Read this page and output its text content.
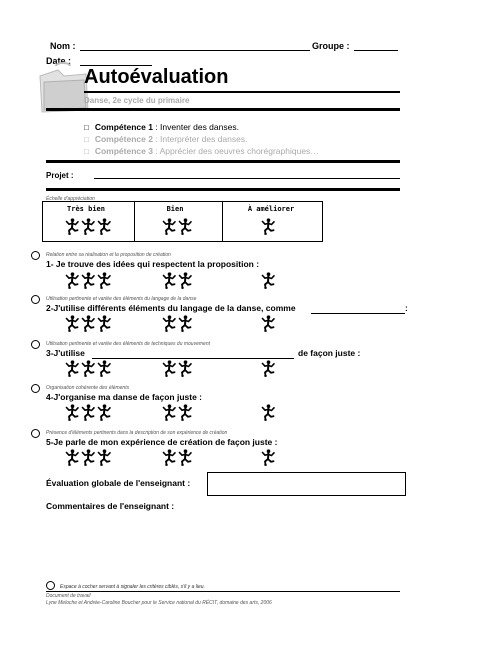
Nom :	Groupe :
Date :
Autoévaluation
Danse, 2e cycle du primaire
□ Compétence 1 : Inventer des danses.
□ Compétence 2 : Interpréter des danses.
□ Compétence 3 : Apprécier des oeuvres chorégraphiques…
Projet :
Échelle d'appréciation
Très bien	Bien	À améliorer
Relation entre sa réalisation et la proposition de création
1- Je trouve des idées qui respectent la proposition :
Utilisation pertinente et variée des éléments du langage de la danse
2-J'utilise différents éléments du langage de la danse, comme	:
Utilisation pertinente et variée des éléments de techniques du mouvement
3-J'utilise	de façon juste :
Organisation cohérente des éléments
4-J'organise ma danse de façon juste :
Présence d'éléments pertinents dans la description de son expérience de création
5-Je parle de mon expérience de création de façon juste :
Évaluation globale de l'enseignant :
Commentaires de l'enseignant :
Espace à cocher servant à signaler les critères ciblés, s'il y a lieu.
Document de travail
Lyne Meloche et Andrée-Caroline Boucher pour le Service national du RÉCIT, domaine des arts, 2006
